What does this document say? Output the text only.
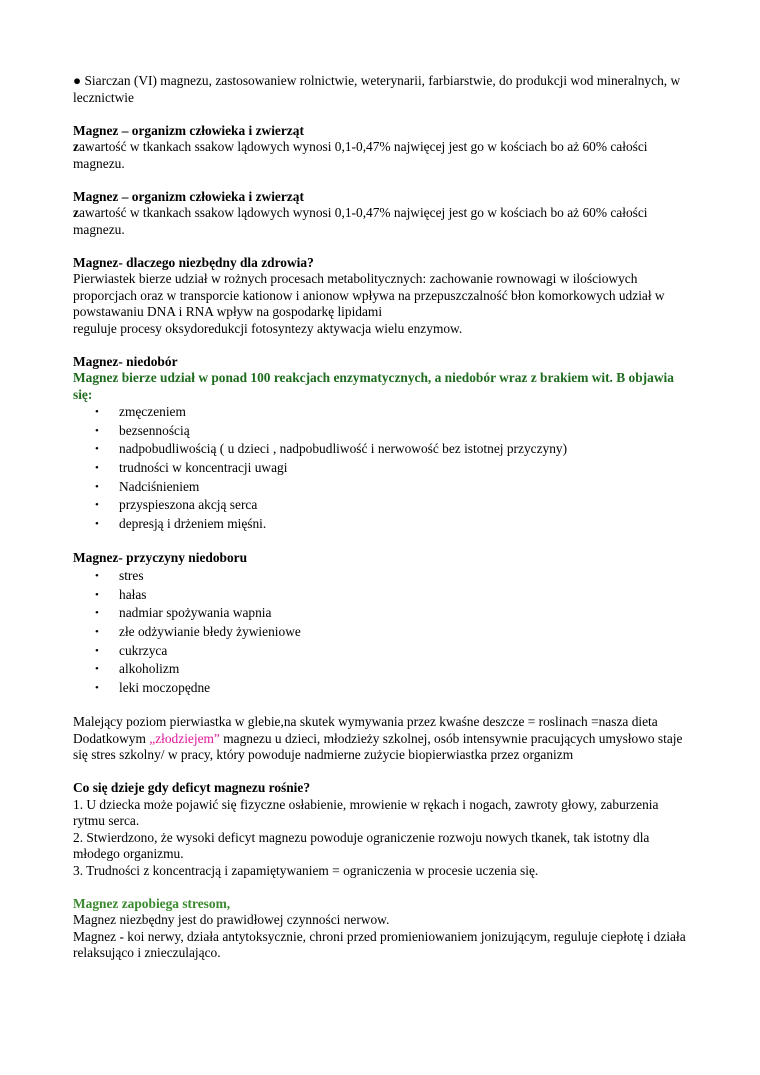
● Siarczan (VI) magnezu, zastosowaniew rolnictwie, weterynarii, farbiarstwie, do produkcji wod mineralnych, w lecznictwie

Magnez – organizm człowieka i zwierząt

zawartość w tkankach ssakow lądowych wynosi 0,1-0,47% najwięcej jest go w kościach bo aż 60% całości magnezu.

Magnez – organizm człowieka i zwierząt

zawartość w tkankach ssakow lądowych wynosi 0,1-0,47% najwięcej jest go w kościach bo aż 60% całości magnezu.

Magnez- dlaczego niezbędny dla zdrowia?

Pierwiastek bierze udział w rożnych procesach metabolitycznych: zachowanie rownowagi w ilościowych proporcjach oraz w transporcie kationow i anionow wpływa na przepuszczalność błon komorkowych udział w powstawaniu DNA i RNA wpływ na gospodarkę lipidami

reguluje procesy oksydoredukcji fotosyntezy aktywacja wielu enzymow.

Magnez- niedobór

Magnez bierze udział w ponad 100 reakcjach enzymatycznych, a niedobór wraz z brakiem wit. B objawia się:

• zmęczeniem
• bezsennością
• nadpobudliwością ( u dzieci , nadpobudliwość i nerwowość bez istotnej przyczyny)
• trudności w koncentracji uwagi
• Nadciśnieniem
• przyspieszona akcją serca
• depresją i drżeniem mięśni.

Magnez- przyczyny niedoboru

• stres
• hałas
• nadmiar spożywania wapnia
• złe odżywianie błedy żywieniowe
• cukrzyca
• alkoholizm
• leki moczopędne

Malejący poziom pierwiastka w glebie,na skutek wymywania przez kwaśne deszcze = roslinach =nasza dieta

Dodatkowym „złodziejem” magnezu u dzieci, młodzieży szkolnej, osób intensywnie pracujących umysłowo staje się stres szkolny/ w pracy, który powoduje nadmierne zużycie biopierwiastka przez organizm

Co się dzieje gdy deficyt magnezu rośnie?

1. U dziecka może pojawić się fizyczne osłabienie, mrowienie w rękach i nogach, zawroty głowy, zaburzenia rytmu serca.

2. Stwierdzono, że wysoki deficyt magnezu powoduje ograniczenie rozwoju nowych tkanek, tak istotny dla młodego organizmu.

3. Trudności z koncentracją i zapamiętywaniem = ograniczenia w procesie uczenia się.

Magnez zapobiega stresom,

Magnez niezbędny jest do prawidłowej czynności nerwow.

Magnez - koi nerwy, działa antytoksycznie, chroni przed promieniowaniem jonizującym, reguluje ciepłotę i działa relaksująco i znieczulająco.
